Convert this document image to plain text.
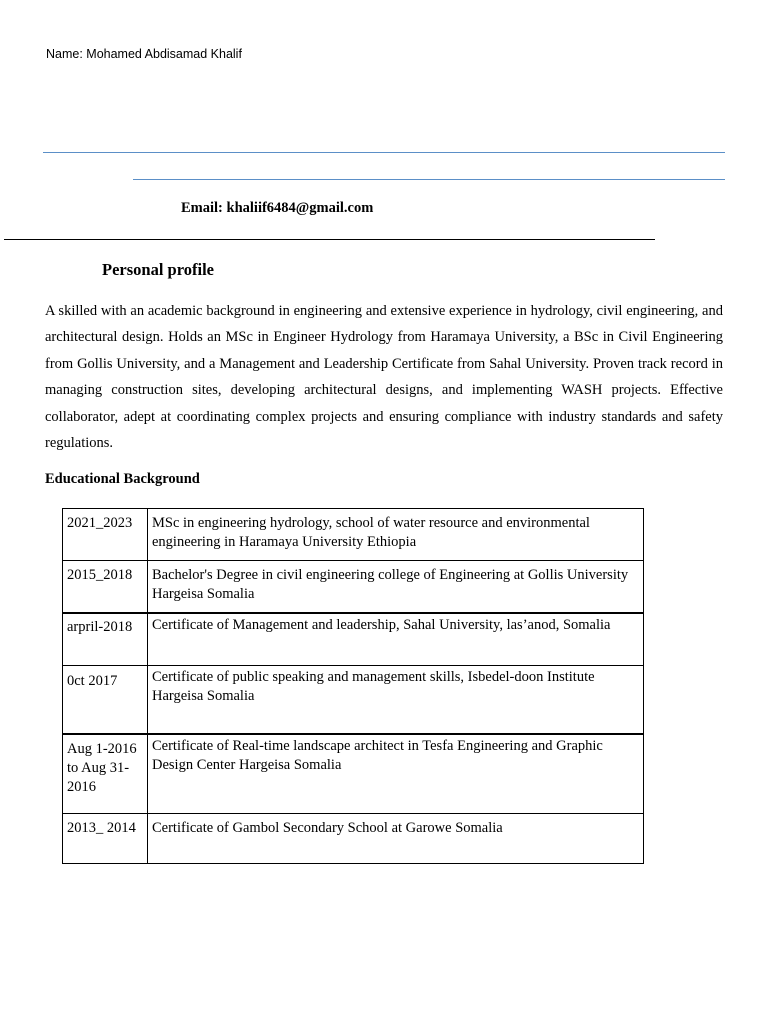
Name: Mohamed Abdisamad Khalif
Email: khaliif6484@gmail.com
Personal profile

A skilled with an academic background in engineering and extensive experience in hydrology, civil engineering, and architectural design. Holds an MSc in Engineer Hydrology from Haramaya University, a BSc in Civil Engineering from Gollis University, and a Management and Leadership Certificate from Sahal University. Proven track record in managing construction sites, developing architectural designs, and implementing WASH projects. Effective collaborator, adept at coordinating complex projects and ensuring compliance with industry standards and safety regulations.

Educational Background
2021_2023	MSc in engineering hydrology, school of water resource and environmental engineering in Haramaya University Ethiopia
2015_2018	Bachelor's Degree in civil engineering college of Engineering at Gollis University Hargeisa Somalia
arpril-2018	Certificate of Management and leadership, Sahal University, las’anod, Somalia
0ct 2017	Certificate of public speaking and management skills, Isbedel-doon Institute Hargeisa Somalia
Aug 1-2016 to Aug 31-2016	Certificate of Real-time landscape architect in Tesfa Engineering and Graphic Design Center Hargeisa Somalia
2013_ 2014	Certificate of Gambol Secondary School at Garowe Somalia
